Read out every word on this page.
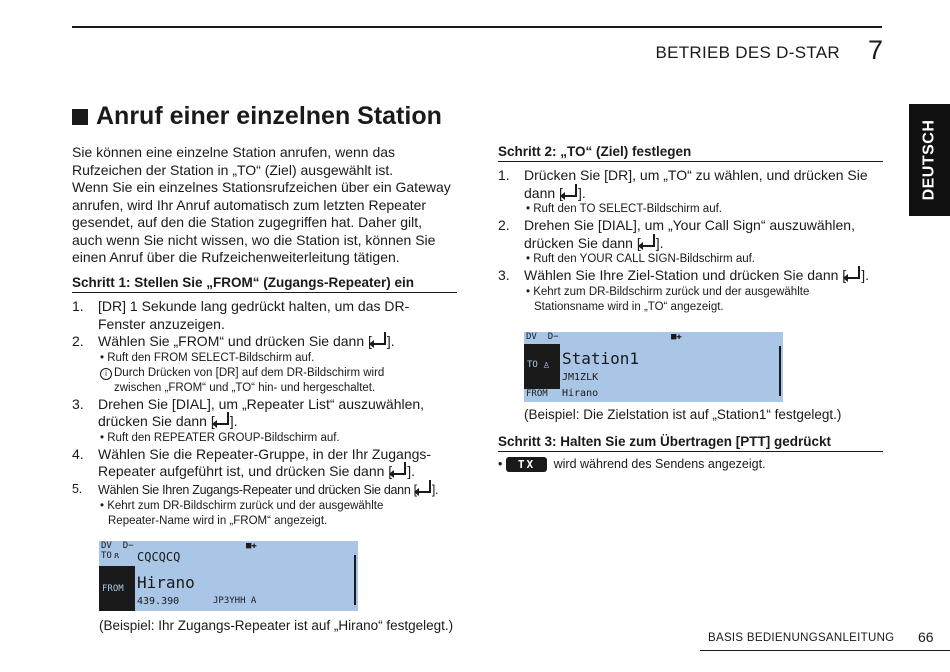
BETRIEB DES D-STAR 7
DEUTSCH
Anruf einer einzelnen Station
Sie können eine einzelne Station anrufen, wenn das
Rufzeichen der Station in „TO“ (Ziel) ausgewählt ist.
Wenn Sie ein einzelnes Stationsrufzeichen über ein Gateway
anrufen, wird Ihr Anruf automatisch zum letzten Repeater
gesendet, auf den die Station zugegriffen hat. Daher gilt,
auch wenn Sie nicht wissen, wo die Station ist, können Sie
einen Anruf über die Rufzeichenweiterleitung tätigen.
Schritt 1: Stellen Sie „FROM“ (Zugangs-Repeater) ein
1. [DR] 1 Sekunde lang gedrückt halten, um das DR-
Fenster anzuzeigen.
2. Wählen Sie „FROM“ und drücken Sie dann [ ].
• Ruft den FROM SELECT-Bildschirm auf.
i Durch Drücken von [DR] auf dem DR-Bildschirm wird
zwischen „FROM“ und „TO“ hin- und hergeschaltet.
3. Drehen Sie [DIAL], um „Repeater List“ auszuwählen,
drücken Sie dann [ ].
• Ruft den REPEATER GROUP-Bildschirm auf.
4. Wählen Sie die Repeater-Gruppe, in der Ihr Zugangs-
Repeater aufgeführt ist, und drücken Sie dann [ ].
5. Wählen Sie Ihren Zugangs-Repeater und drücken Sie dann [ ].
• Kehrt zum DR-Bildschirm zurück und der ausgewählte
Repeater-Name wird in „FROM“ angezeigt.
DV D−	■✚
TO ጸ CQCQCQ
FROM Hirano
439.390	JP3YHH A
(Beispiel: Ihr Zugangs-Repeater ist auf „Hirano“ festgelegt.)
Schritt 2: „TO“ (Ziel) festlegen
1. Drücken Sie [DR], um „TO“ zu wählen, und drücken Sie
dann [ ].
• Ruft den TO SELECT-Bildschirm auf.
2. Drehen Sie [DIAL], um „Your Call Sign“ auszuwählen,
drücken Sie dann [ ].
• Ruft den YOUR CALL SIGN-Bildschirm auf.
3. Wählen Sie Ihre Ziel-Station und drücken Sie dann [ ].
• Kehrt zum DR-Bildschirm zurück und der ausgewählte
Stationsname wird in „TO“ angezeigt.
DV D−	■✚
TO ♙ Station1
JM1ZLK
FROM Hirano
(Beispiel: Die Zielstation ist auf „Station1“ festgelegt.)
Schritt 3: Halten Sie zum Übertragen [PTT] gedrückt
• TX wird während des Sendens angezeigt.
BASIS BEDIENUNGSANLEITUNG 66
